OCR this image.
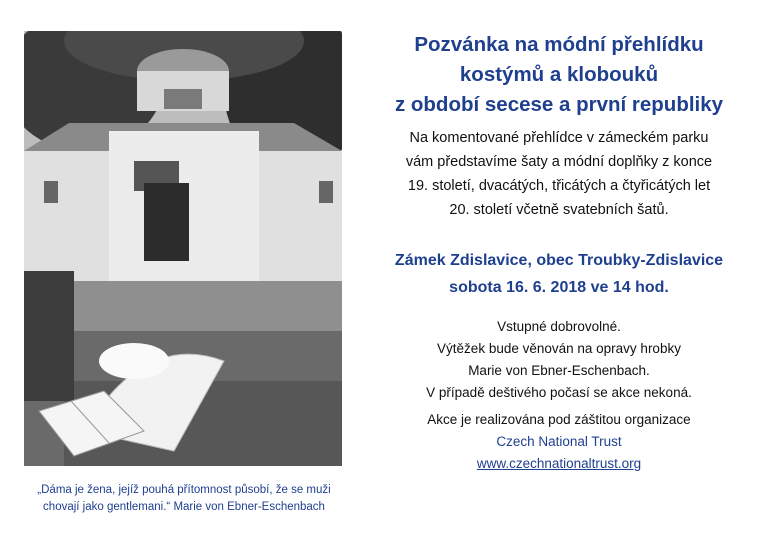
„Dáma je žena, jejíž pouhá přítomnost působí, že se muži
chovají jako gentlemani.“ Marie von Ebner-Eschenbach
Pozvánka na módní přehlídku
kostýmů a klobouků
z období secese a první republiky
Na komentované přehlídce v zámeckém parku
vám představíme šaty a módní doplňky z konce
19. století, dvacátých, třicátých a čtyřicátých let
20. století včetně svatebních šatů.
Zámek Zdislavice, obec Troubky-Zdislavice
sobota 16. 6. 2018 ve 14 hod.
Vstupné dobrovolné.
Výtěžek bude věnován na opravy hrobky
Marie von Ebner-Eschenbach.
V případě deštivého počasí se akce nekoná.
Akce je realizována pod záštitou organizace
Czech National Trust
www.czechnationaltrust.org
